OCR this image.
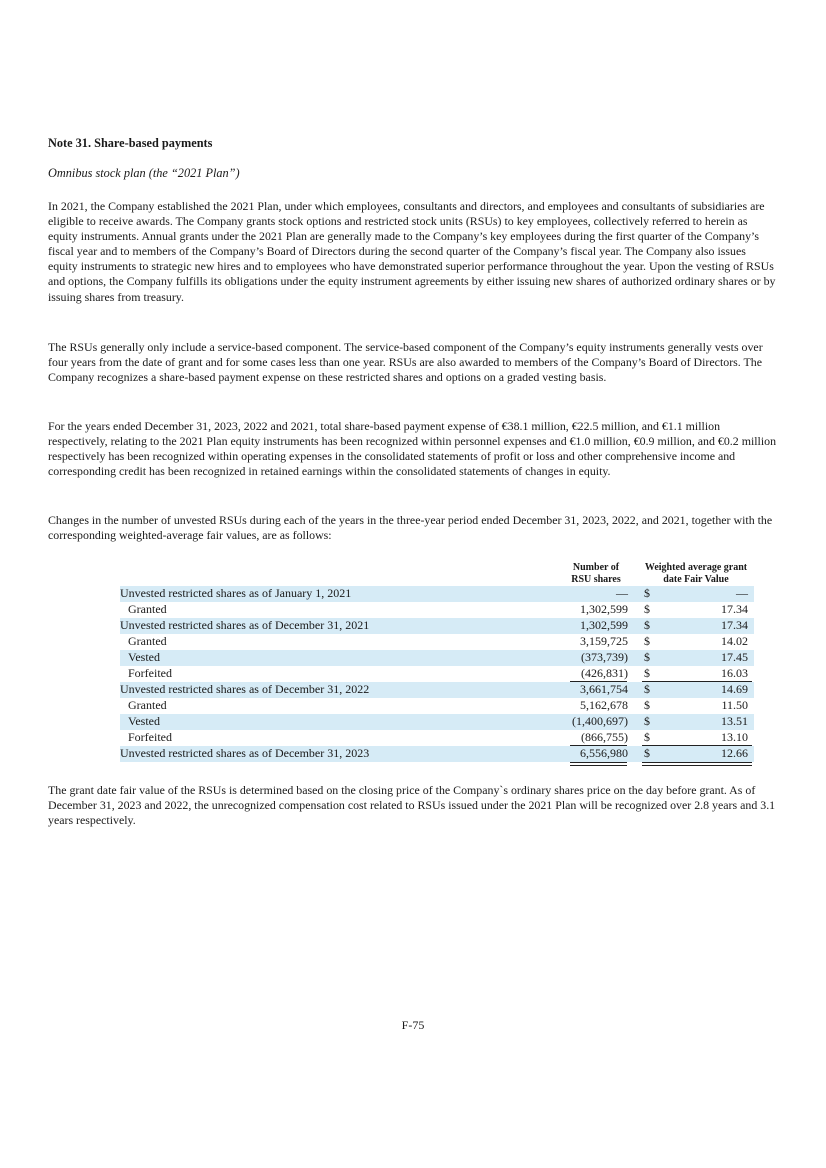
Note 31. Share-based payments
Omnibus stock plan (the “2021 Plan”)
In 2021, the Company established the 2021 Plan, under which employees, consultants and directors, and employees and consultants of subsidiaries are eligible to receive awards. The Company grants stock options and restricted stock units (RSUs) to key employees, collectively referred to herein as equity instruments. Annual grants under the 2021 Plan are generally made to the Company’s key employees during the first quarter of the Company’s fiscal year and to members of the Company’s Board of Directors during the second quarter of the Company’s fiscal year. The Company also issues equity instruments to strategic new hires and to employees who have demonstrated superior performance throughout the year. Upon the vesting of RSUs and options, the Company fulfills its obligations under the equity instrument agreements by either issuing new shares of authorized ordinary shares or by issuing shares from treasury.
The RSUs generally only include a service-based component. The service-based component of the Company’s equity instruments generally vests over four years from the date of grant and for some cases less than one year. RSUs are also awarded to members of the Company’s Board of Directors. The Company recognizes a share-based payment expense on these restricted shares and options on a graded vesting basis.
For the years ended December 31, 2023, 2022 and 2021, total share-based payment expense of €38.1 million, €22.5 million, and €1.1 million respectively, relating to the 2021 Plan equity instruments has been recognized within personnel expenses and €1.0 million, €0.9 million, and €0.2 million respectively has been recognized within operating expenses in the consolidated statements of profit or loss and other comprehensive income and corresponding credit has been recognized in retained earnings within the consolidated statements of changes in equity.
Changes in the number of unvested RSUs during each of the years in the three-year period ended December 31, 2023, 2022, and 2021, together with the corresponding weighted-average fair values, are as follows:
Number of
RSU shares
Weighted average grant
date Fair Value
Unvested restricted shares as of January 1, 2021	— $	—
Granted	1,302,599 $	17.34
Unvested restricted shares as of December 31, 2021	1,302,599 $	17.34
Granted	3,159,725 $	14.02
Vested	(373,739) $	17.45
Forfeited	(426,831) $	16.03
Unvested restricted shares as of December 31, 2022	3,661,754 $	14.69
Granted	5,162,678 $	11.50
Vested	(1,400,697) $	13.51
Forfeited	(866,755) $	13.10
Unvested restricted shares as of December 31, 2023	6,556,980 $	12.66
The grant date fair value of the RSUs is determined based on the closing price of the Company`s ordinary shares price on the day before grant. As of December 31, 2023 and 2022, the unrecognized compensation cost related to RSUs issued under the 2021 Plan will be recognized over 2.8 years and 3.1 years respectively.
F-75
